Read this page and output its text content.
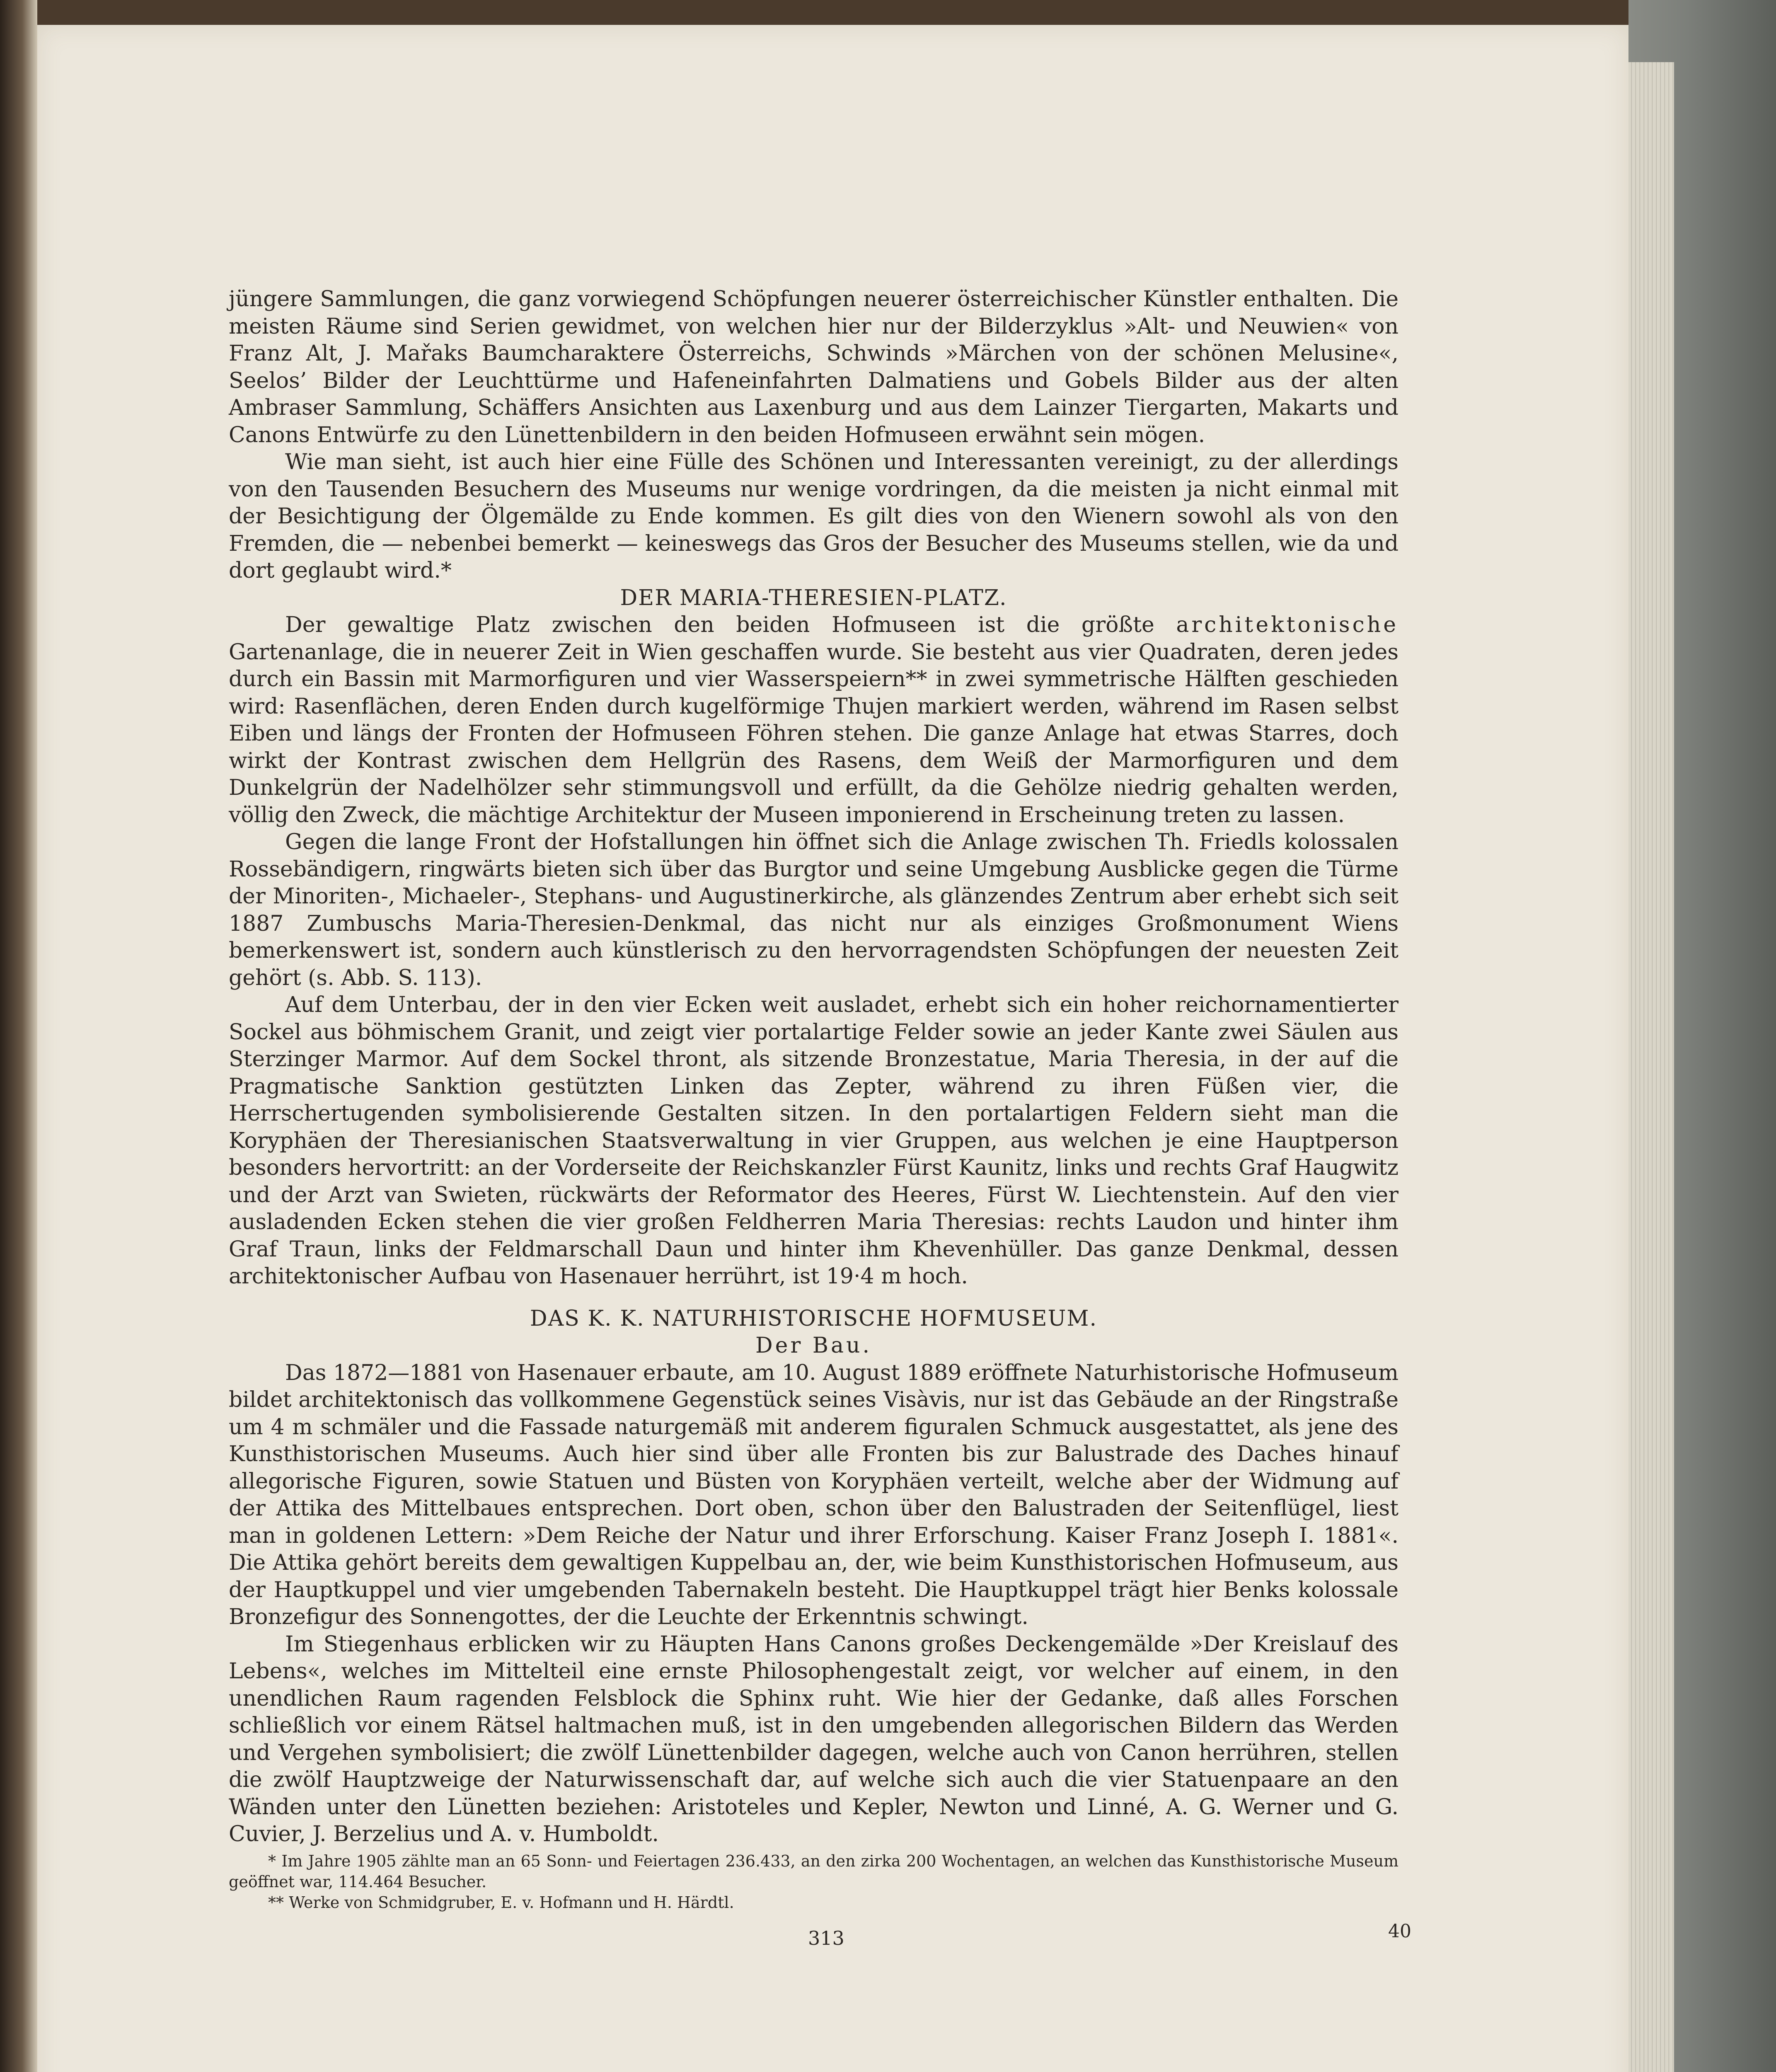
jüngere Sammlungen, die ganz vorwiegend Schöpfungen neuerer österreichischer Künstler enthalten. Die meisten Räume sind Serien gewidmet, von welchen hier nur der Bilderzyklus »Alt- und Neuwien« von Franz Alt, J. Mařaks Baumcharaktere Österreichs, Schwinds »Märchen von der schönen Melusine«, Seelos’ Bilder der Leuchttürme und Hafeneinfahrten Dalmatiens und Gobels Bilder aus der alten Ambraser Sammlung, Schäffers Ansichten aus Laxenburg und aus dem Lainzer Tiergarten, Makarts und Canons Entwürfe zu den Lünettenbildern in den beiden Hofmuseen erwähnt sein mögen.

Wie man sieht, ist auch hier eine Fülle des Schönen und Interessanten vereinigt, zu der allerdings von den Tausenden Besuchern des Museums nur wenige vordringen, da die meisten ja nicht einmal mit der Besichtigung der Ölgemälde zu Ende kommen. Es gilt dies von den Wienern sowohl als von den Fremden, die — nebenbei bemerkt — keineswegs das Gros der Besucher des Museums stellen, wie da und dort geglaubt wird.*

DER MARIA-THERESIEN-PLATZ.

Der gewaltige Platz zwischen den beiden Hofmuseen ist die größte architektonische Gartenanlage, die in neuerer Zeit in Wien geschaffen wurde. Sie besteht aus vier Quadraten, deren jedes durch ein Bassin mit Marmorfiguren und vier Wasserspeiern** in zwei symmetrische Hälften geschieden wird: Rasenflächen, deren Enden durch kugelförmige Thujen markiert werden, während im Rasen selbst Eiben und längs der Fronten der Hofmuseen Föhren stehen. Die ganze Anlage hat etwas Starres, doch wirkt der Kontrast zwischen dem Hellgrün des Rasens, dem Weiß der Marmorfiguren und dem Dunkelgrün der Nadelhölzer sehr stimmungsvoll und erfüllt, da die Gehölze niedrig gehalten werden, völlig den Zweck, die mächtige Architektur der Museen imponierend in Erscheinung treten zu lassen.

Gegen die lange Front der Hofstallungen hin öffnet sich die Anlage zwischen Th. Friedls kolossalen Rossebändigern, ringwärts bieten sich über das Burgtor und seine Umgebung Ausblicke gegen die Türme der Minoriten-, Michaeler-, Stephans- und Augustinerkirche, als glänzendes Zentrum aber erhebt sich seit 1887 Zumbuschs Maria-Theresien-Denkmal, das nicht nur als einziges Großmonument Wiens bemerkenswert ist, sondern auch künstlerisch zu den hervorragendsten Schöpfungen der neuesten Zeit gehört (s. Abb. S. 113).

Auf dem Unterbau, der in den vier Ecken weit ausladet, erhebt sich ein hoher reichornamentierter Sockel aus böhmischem Granit, und zeigt vier portalartige Felder sowie an jeder Kante zwei Säulen aus Sterzinger Marmor. Auf dem Sockel thront, als sitzende Bronzestatue, Maria Theresia, in der auf die Pragmatische Sanktion gestützten Linken das Zepter, während zu ihren Füßen vier, die Herrschertugenden symbolisierende Gestalten sitzen. In den portalartigen Feldern sieht man die Koryphäen der Theresianischen Staatsverwaltung in vier Gruppen, aus welchen je eine Hauptperson besonders hervortritt: an der Vorderseite der Reichskanzler Fürst Kaunitz, links und rechts Graf Haugwitz und der Arzt van Swieten, rückwärts der Reformator des Heeres, Fürst W. Liechtenstein. Auf den vier ausladenden Ecken stehen die vier großen Feldherren Maria Theresias: rechts Laudon und hinter ihm Graf Traun, links der Feldmarschall Daun und hinter ihm Khevenhüller. Das ganze Denkmal, dessen architektonischer Aufbau von Hasenauer herrührt, ist 19·4 m hoch.

DAS K. K. NATURHISTORISCHE HOFMUSEUM.

Der Bau.

Das 1872—1881 von Hasenauer erbaute, am 10. August 1889 eröffnete Naturhistorische Hofmuseum bildet architektonisch das vollkommene Gegenstück seines Visàvis, nur ist das Gebäude an der Ringstraße um 4 m schmäler und die Fassade naturgemäß mit anderem figuralen Schmuck ausgestattet, als jene des Kunsthistorischen Museums. Auch hier sind über alle Fronten bis zur Balustrade des Daches hinauf allegorische Figuren, sowie Statuen und Büsten von Koryphäen verteilt, welche aber der Widmung auf der Attika des Mittelbaues entsprechen. Dort oben, schon über den Balustraden der Seitenflügel, liest man in goldenen Lettern: »Dem Reiche der Natur und ihrer Erforschung. Kaiser Franz Joseph I. 1881«. Die Attika gehört bereits dem gewaltigen Kuppelbau an, der, wie beim Kunsthistorischen Hofmuseum, aus der Hauptkuppel und vier umgebenden Tabernakeln besteht. Die Hauptkuppel trägt hier Benks kolossale Bronzefigur des Sonnengottes, der die Leuchte der Erkenntnis schwingt.

Im Stiegenhaus erblicken wir zu Häupten Hans Canons großes Deckengemälde »Der Kreislauf des Lebens«, welches im Mittelteil eine ernste Philosophengestalt zeigt, vor welcher auf einem, in den unendlichen Raum ragenden Felsblock die Sphinx ruht. Wie hier der Gedanke, daß alles Forschen schließlich vor einem Rätsel haltmachen muß, ist in den umgebenden allegorischen Bildern das Werden und Vergehen symbolisiert; die zwölf Lünettenbilder dagegen, welche auch von Canon herrühren, stellen die zwölf Hauptzweige der Naturwissenschaft dar, auf welche sich auch die vier Statuenpaare an den Wänden unter den Lünetten beziehen: Aristoteles und Kepler, Newton und Linné, A. G. Werner und G. Cuvier, J. Berzelius und A. v. Humboldt.

* Im Jahre 1905 zählte man an 65 Sonn- und Feiertagen 236.433, an den zirka 200 Wochentagen, an welchen das Kunsthistorische Museum geöffnet war, 114.464 Besucher.

** Werke von Schmidgruber, E. v. Hofmann und H. Härdtl.

313	40
